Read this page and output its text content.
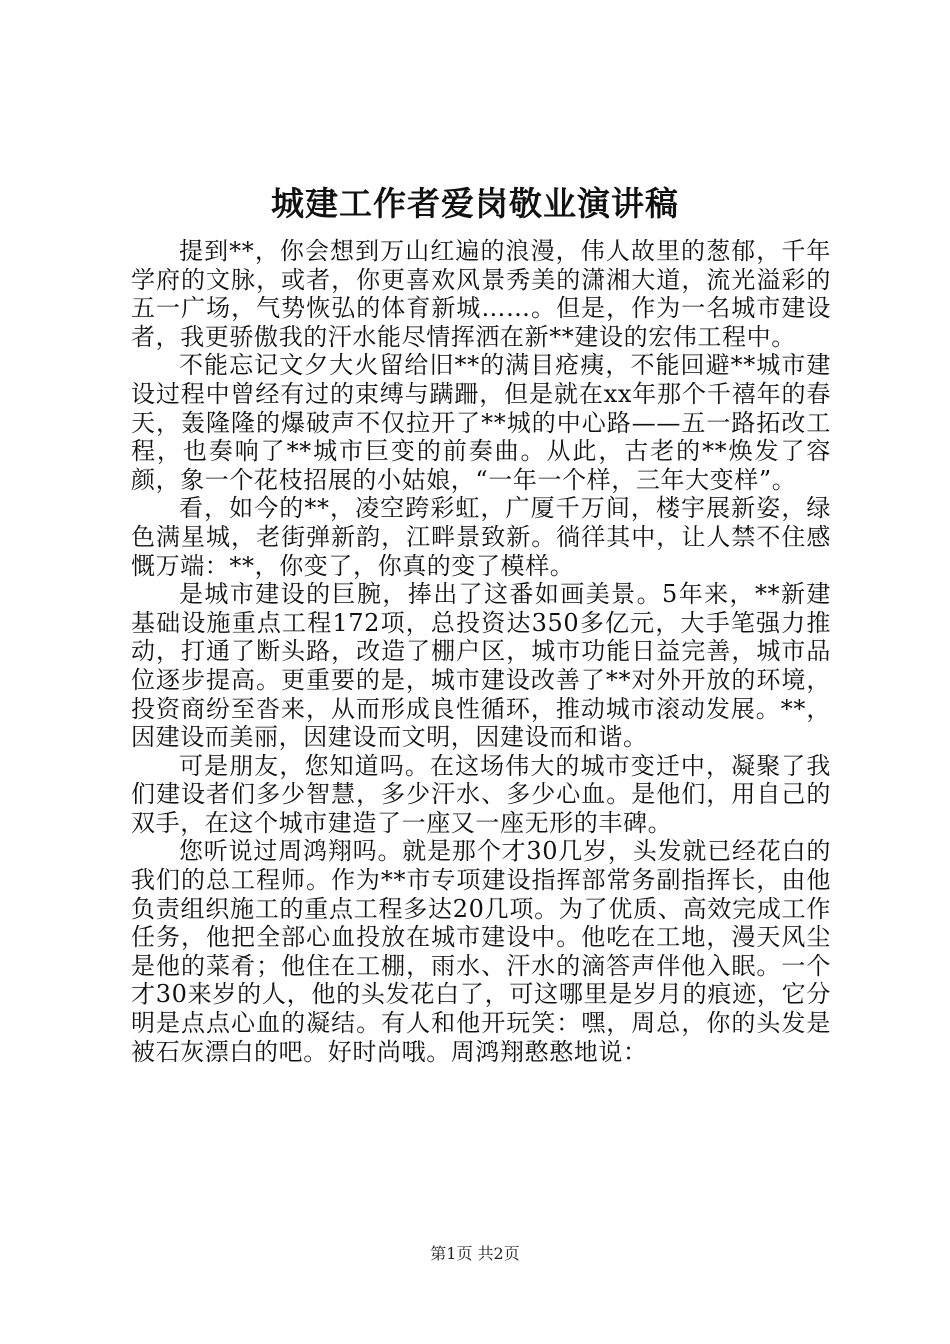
城建工作者爱岗敬业演讲稿

提到**，你会想到万山红遍的浪漫，伟人故里的葱郁，千年学府的文脉，或者，你更喜欢风景秀美的潇湘大道，流光溢彩的五一广场，气势恢弘的体育新城……。但是，作为一名城市建设者，我更骄傲我的汗水能尽情挥洒在新**建设的宏伟工程中。

不能忘记文夕大火留给旧**的满目疮痍，不能回避**城市建设过程中曾经有过的束缚与蹒跚，但是就在xx年那个千禧年的春天，轰隆隆的爆破声不仅拉开了**城的中心路——五一路拓改工程，也奏响了**城市巨变的前奏曲。从此，古老的**焕发了容颜，象一个花枝招展的小姑娘，“一年一个样，三年大变样”。

看，如今的**，凌空跨彩虹，广厦千万间，楼宇展新姿，绿色满星城，老街弹新韵，江畔景致新。徜徉其中，让人禁不住感慨万端：**，你变了，你真的变了模样。

是城市建设的巨腕，捧出了这番如画美景。5年来，**新建基础设施重点工程172项，总投资达350多亿元，大手笔强力推动，打通了断头路，改造了棚户区，城市功能日益完善，城市品位逐步提高。更重要的是，城市建设改善了**对外开放的环境，投资商纷至沓来，从而形成良性循环，推动城市滚动发展。**，因建设而美丽，因建设而文明，因建设而和谐。

可是朋友，您知道吗。在这场伟大的城市变迁中，凝聚了我们建设者们多少智慧，多少汗水、多少心血。是他们，用自己的双手，在这个城市建造了一座又一座无形的丰碑。

您听说过周鸿翔吗。就是那个才30几岁，头发就已经花白的我们的总工程师。作为**市专项建设指挥部常务副指挥长，由他负责组织施工的重点工程多达20几项。为了优质、高效完成工作任务，他把全部心血投放在城市建设中。他吃在工地，漫天风尘是他的菜肴；他住在工棚，雨水、汗水的滴答声伴他入眠。一个才30来岁的人，他的头发花白了，可这哪里是岁月的痕迹，它分明是点点心血的凝结。有人和他开玩笑：嘿，周总，你的头发是被石灰漂白的吧。好时尚哦。周鸿翔憨憨地说：

第1页 共2页
